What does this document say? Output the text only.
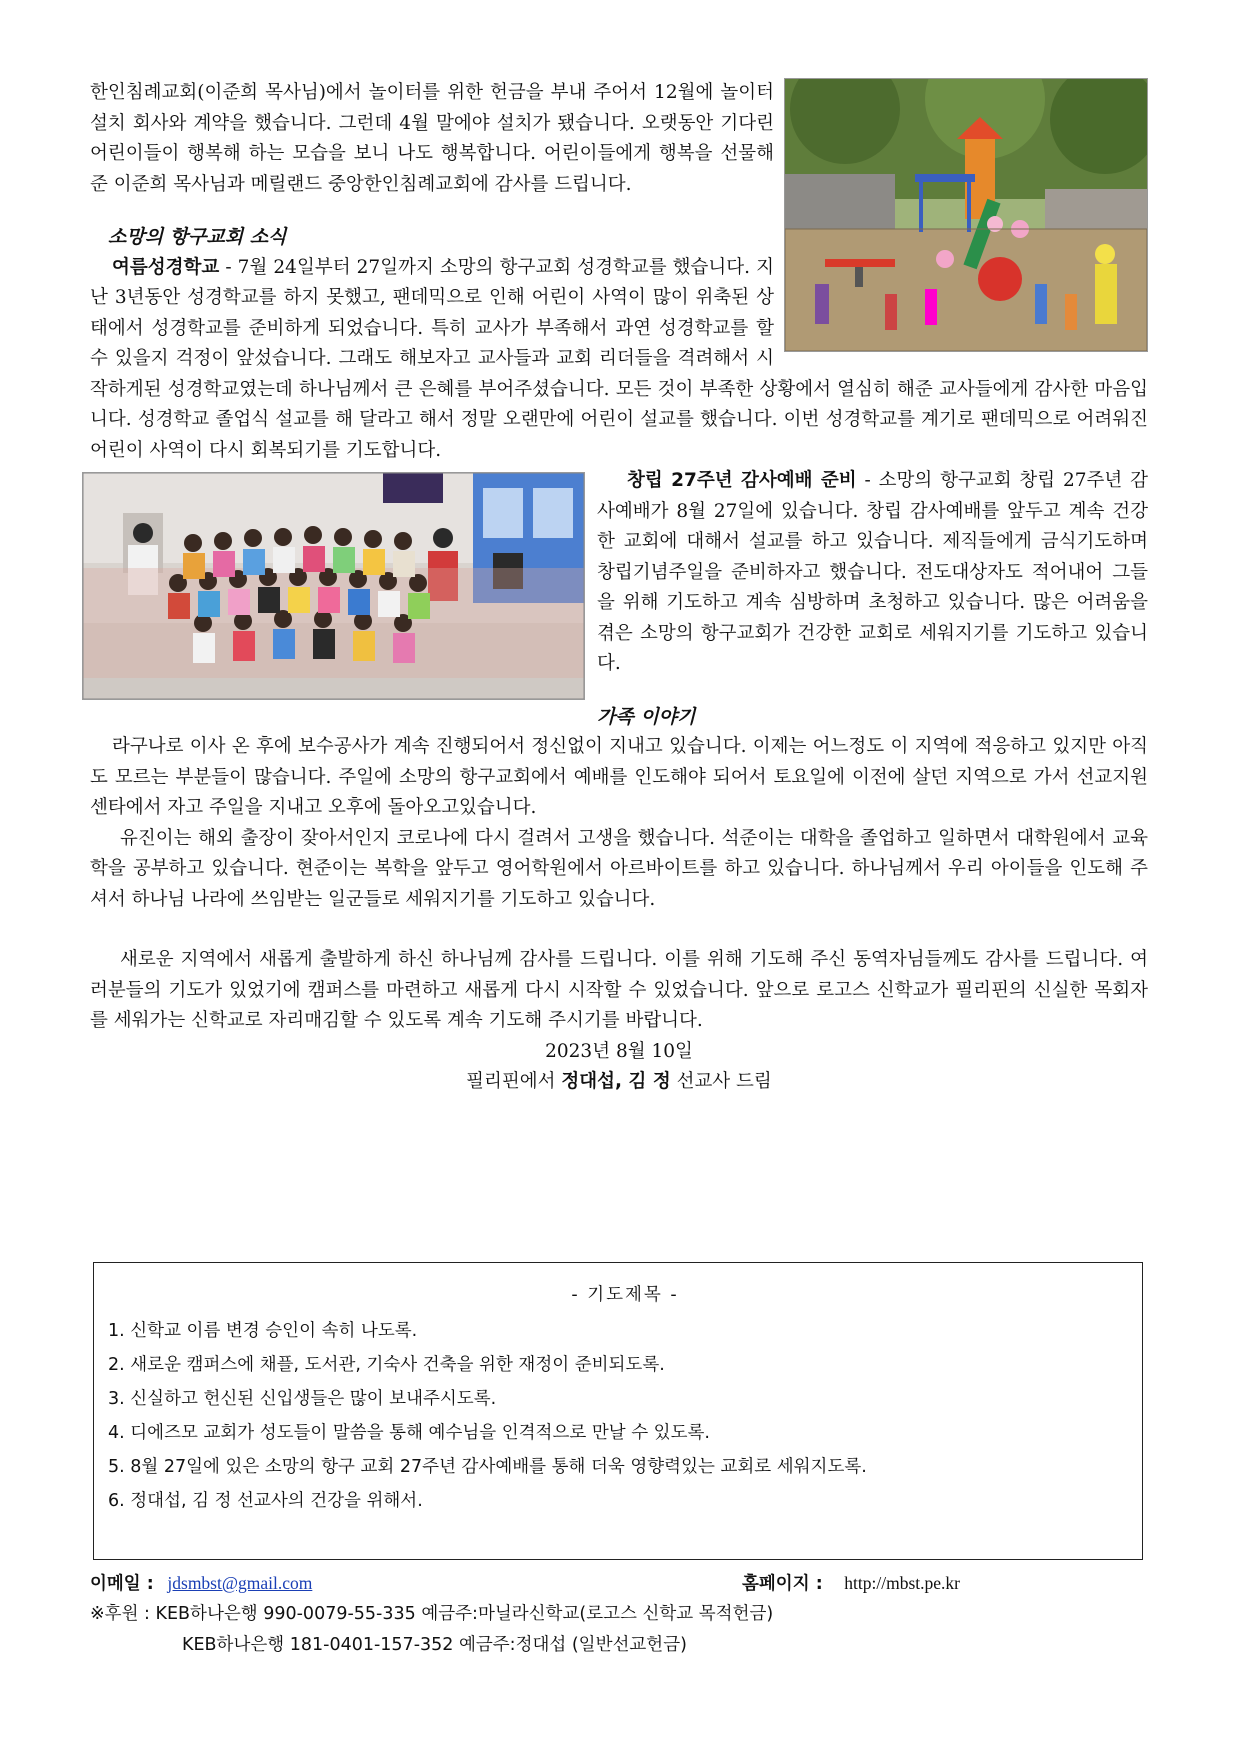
한인침례교회(이준희 목사님)에서 놀이터를 위한 헌금을 부내 주어서 12월에 놀이터 설치 회사와 계약을 했습니다. 그런데 4월 말에야 설치가 됐습니다. 오랫동안 기다린 어린이들이 행복해 하는 모습을 보니 나도 행복합니다. 어린이들에게 행복을 선물해준 이준희 목사님과 메릴랜드 중앙한인침례교회에 감사를 드립니다.

소망의 항구교회 소식

여름성경학교 - 7월 24일부터 27일까지 소망의 항구교회 성경학교를 했습니다. 지난 3년동안 성경학교를 하지 못했고, 팬데믹으로 인해 어린이 사역이 많이 위축된 상태에서 성경학교를 준비하게 되었습니다. 특히 교사가 부족해서 과연 성경학교를 할 수 있을지 걱정이 앞섰습니다. 그래도 해보자고 교사들과 교회 리더들을 격려해서 시작하게된 성경학교였는데 하나님께서 큰 은혜를 부어주셨습니다. 모든 것이 부족한 상황에서 열심히 해준 교사들에게 감사한 마음입니다. 성경학교 졸업식 설교를 해 달라고 해서 정말 오랜만에 어린이 설교를 했습니다. 이번 성경학교를 계기로 팬데믹으로 어려워진 어린이 사역이 다시 회복되기를 기도합니다.

창립 27주년 감사예배 준비 - 소망의 항구교회 창립 27주년 감사예배가 8월 27일에 있습니다. 창립 감사예배를 앞두고 계속 건강한 교회에 대해서 설교를 하고 있습니다. 제직들에게 금식기도하며 창립기념주일을 준비하자고 했습니다. 전도대상자도 적어내어 그들을 위해 기도하고 계속 심방하며 초청하고 있습니다. 많은 어려움을 겪은 소망의 항구교회가 건강한 교회로 세워지기를 기도하고 있습니다.

가족 이야기

라구나로 이사 온 후에 보수공사가 계속 진행되어서 정신없이 지내고 있습니다. 이제는 어느정도 이 지역에 적응하고 있지만 아직도 모르는 부분들이 많습니다. 주일에 소망의 항구교회에서 예배를 인도해야 되어서 토요일에 이전에 살던 지역으로 가서 선교지원센타에서 자고 주일을 지내고 오후에 돌아오고있습니다.

유진이는 해외 출장이 잦아서인지 코로나에 다시 걸려서 고생을 했습니다. 석준이는 대학을 졸업하고 일하면서 대학원에서 교육학을 공부하고 있습니다. 현준이는 복학을 앞두고 영어학원에서 아르바이트를 하고 있습니다. 하나님께서 우리 아이들을 인도해 주셔서 하나님 나라에 쓰임받는 일군들로 세워지기를 기도하고 있습니다.

새로운 지역에서 새롭게 출발하게 하신 하나님께 감사를 드립니다. 이를 위해 기도해 주신 동역자님들께도 감사를 드립니다. 여러분들의 기도가 있었기에 캠퍼스를 마련하고 새롭게 다시 시작할 수 있었습니다. 앞으로 로고스 신학교가 필리핀의 신실한 목회자를 세워가는 신학교로 자리매김할 수 있도록 계속 기도해 주시기를 바랍니다.

2023년 8월 10일

필리핀에서 정대섭, 김 정 선교사 드림

- 기도제목 -
1. 신학교 이름 변경 승인이 속히 나도록.
2. 새로운 캠퍼스에 채플, 도서관, 기숙사 건축을 위한 재정이 준비되도록.
3. 신실하고 헌신된 신입생들은 많이 보내주시도록.
4. 디에즈모 교회가 성도들이 말씀을 통해 예수님을 인격적으로 만날 수 있도록.
5. 8월 27일에 있은 소망의 항구 교회 27주년 감사예배를 통해 더욱 영향력있는 교회로 세워지도록.
6. 정대섭, 김 정 선교사의 건강을 위해서.
이메일 : jdsmbst@gmail.com	홈페이지 : http://mbst.pe.kr
※후원 : KEB하나은행 990-0079-55-335 예금주:마닐라신학교(로고스 신학교 목적헌금)
KEB하나은행 181-0401-157-352 예금주:정대섭 (일반선교헌금)
